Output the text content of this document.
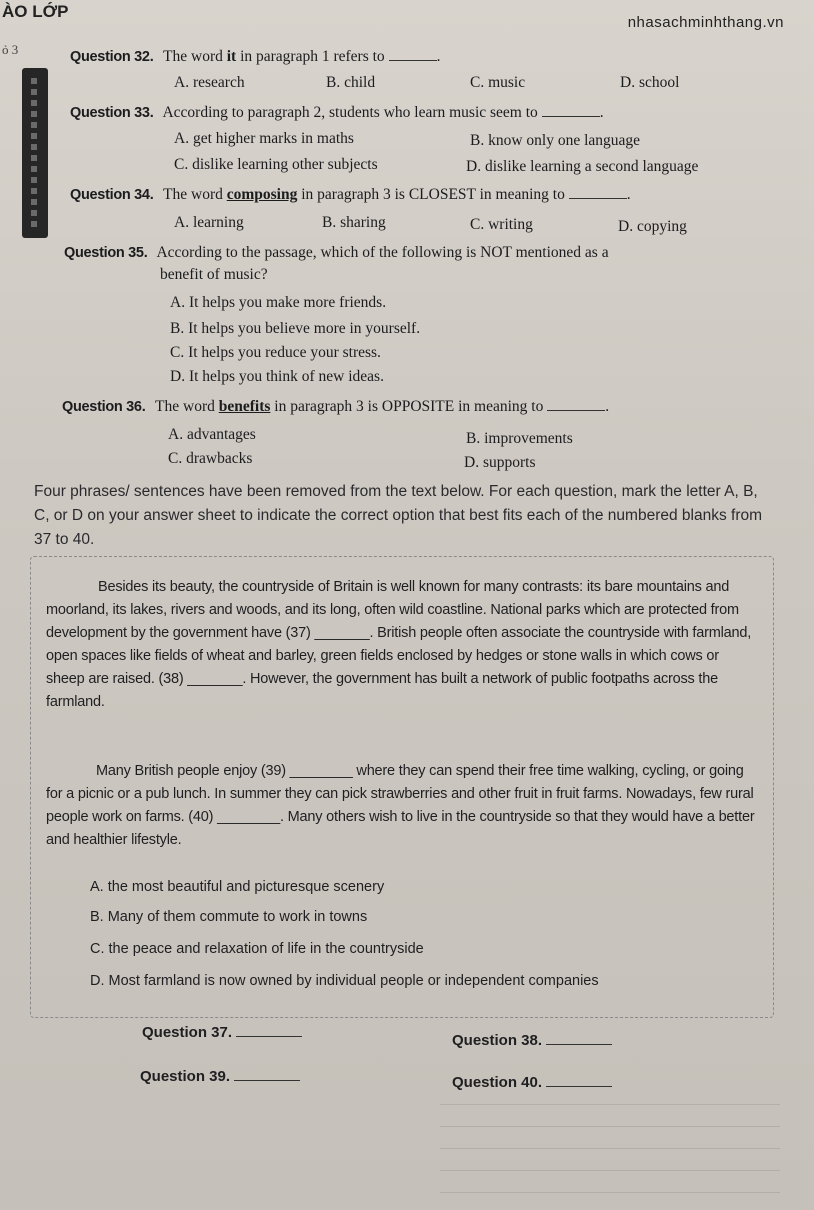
ÀO LỚP
nhasachminhthang.vn
ỏ 3	Question 32. The word it in paragraph 1 refers to	.
A. research	B. child	C. music	D. school
Question 33. According to paragraph 2, students who learn music seem to	.
A. get higher marks in maths	B. know only one language
C. dislike learning other subjects	D. dislike learning a second language
Question 34. The word composing in paragraph 3 is CLOSEST in meaning to	.
A. learning	B. sharing	C. writing	D. copying
Question 35. According to the passage, which of the following is NOT mentioned as a
benefit of music?
A. It helps you make more friends.
B. It helps you believe more in yourself.
C. It helps you reduce your stress.
D. It helps you think of new ideas.
Question 36. The word benefits in paragraph 3 is OPPOSITE in meaning to	.
A. advantages	B. improvements
C. drawbacks	D. supports
Four phrases/ sentences have been removed from the text below. For each question, mark the letter A, B, C, or D on your answer sheet to indicate the correct option that best fits each of the numbered blanks from 37 to 40.
Besides its beauty, the countryside of Britain is well known for many contrasts: its bare mountains and moorland, its lakes, rivers and woods, and its long, often wild coastline. National parks which are protected from development by the government have (37) _______. British people often associate the countryside with farmland, open spaces like fields of wheat and barley, green fields enclosed by hedges or stone walls in which cows or sheep are raised. (38) _______. However, the government has built a network of public footpaths across the farmland.
Many British people enjoy (39) ________ where they can spend their free time walking, cycling, or going for a picnic or a pub lunch. In summer they can pick strawberries and other fruit in fruit farms. Nowadays, few rural people work on farms. (40) ________. Many others wish to live in the countryside so that they would have a better and healthier lifestyle.
A. the most beautiful and picturesque scenery
B. Many of them commute to work in towns
C. the peace and relaxation of life in the countryside
D. Most farmland is now owned by individual people or independent companies
Question 37.	Question 38.
Question 39.	Question 40.
